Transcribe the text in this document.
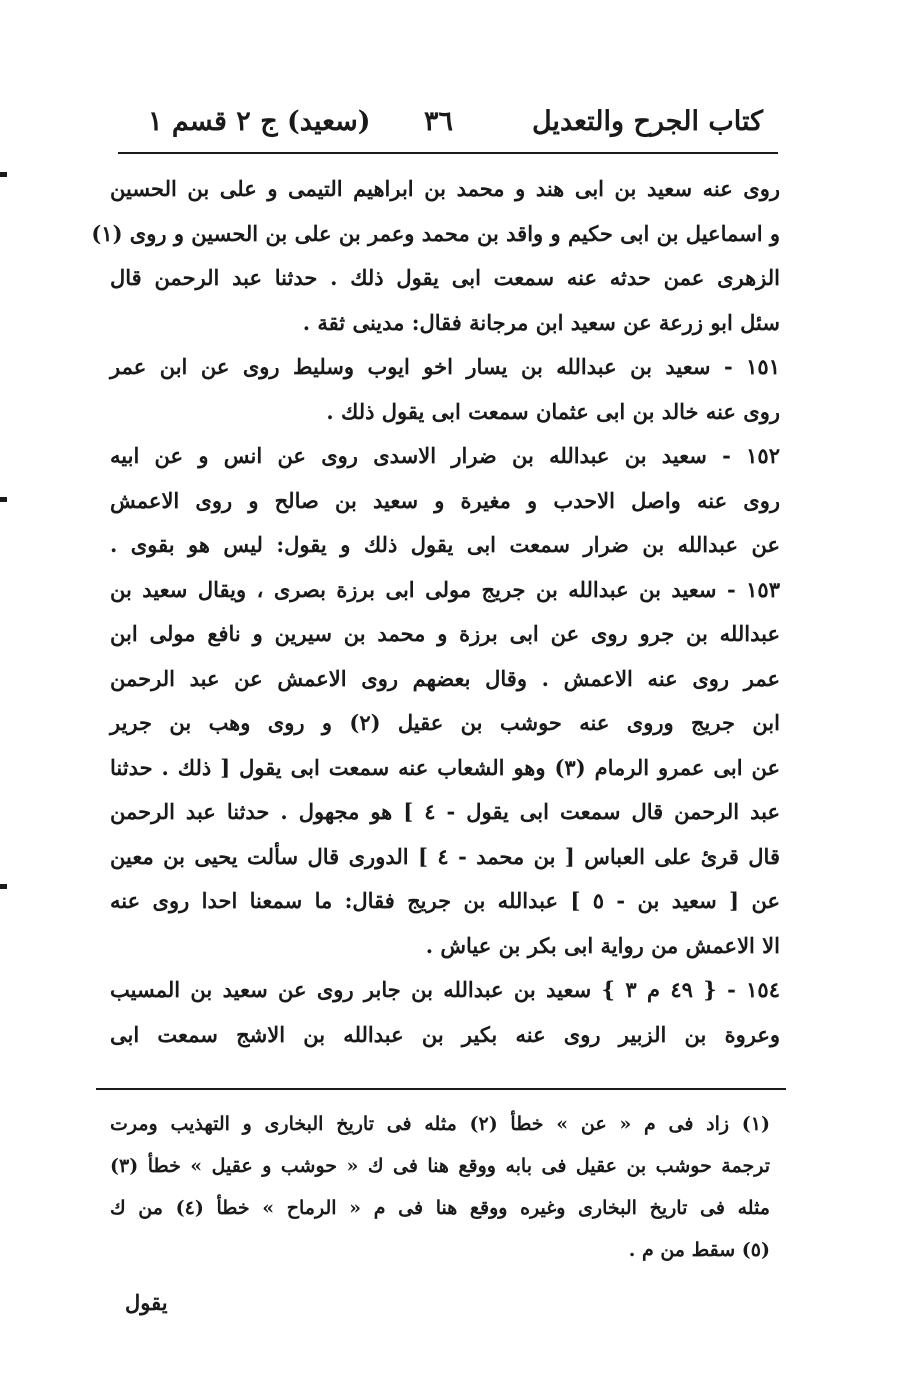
كتاب الجرح والتعديل
٣٦
(سعيد) ج ٢ قسم ١
روى عنه سعيد بن ابى هند و محمد بن ابراهيم التيمى و على بن الحسين
و اسماعيل بن ابى حكيم و واقد بن محمد وعمر بن على بن الحسين و روى (١)
الزهرى عمن حدثه عنه سمعت ابى يقول ذلك . حدثنا عبد الرحمن قال
سئل ابو زرعة عن سعيد ابن مرجانة فقال: مدينى ثقة .
١٥١ - سعيد بن عبدالله بن يسار اخو ايوب وسليط روى عن ابن عمر
روى عنه خالد بن ابى عثمان سمعت ابى يقول ذلك .
١٥٢ - سعيد بن عبدالله بن ضرار الاسدى روى عن انس و عن ابيه
روى عنه واصل الاحدب و مغيرة و سعيد بن صالح و روى الاعمش
عن عبدالله بن ضرار سمعت ابى يقول ذلك و يقول: ليس هو بقوى .
١٥٣ - سعيد بن عبدالله بن جريج مولى ابى برزة بصرى ، ويقال سعيد بن
عبدالله بن جرو روى عن ابى برزة و محمد بن سيرين و نافع مولى ابن
عمر روى عنه الاعمش . وقال بعضهم روى الاعمش عن عبد الرحمن
ابن جريج وروى عنه حوشب بن عقيل (٢) و روى وهب بن جرير
عن ابى عمرو الرمام (٣) وهو الشعاب عنه سمعت ابى يقول [ ذلك . حدثنا
عبد الرحمن قال سمعت ابى يقول - ٤ ] هو مجهول . حدثنا عبد الرحمن
قال قرئ على العباس [ بن محمد - ٤ ] الدورى قال سألت يحيى بن معين
عن [ سعيد بن - ٥ ] عبدالله بن جريج فقال: ما سمعنا احدا روى عنه
الا الاعمش من رواية ابى بكر بن عياش .
١٥٤ - { ٤٩ م ٣ } سعيد بن عبدالله بن جابر روى عن سعيد بن المسيب
وعروة بن الزبير روى عنه بكير بن عبدالله بن الاشج سمعت ابى
(١) زاد فى م « عن » خطأ (٢) مثله فى تاريخ البخارى و التهذيب ومرت
ترجمة حوشب بن عقيل فى بابه ووقع هنا فى ك « حوشب و عقيل » خطأ (٣)
مثله فى تاريخ البخارى وغيره ووقع هنا فى م « الرماح » خطأ (٤) من ك
(٥) سقط من م .
يقول
